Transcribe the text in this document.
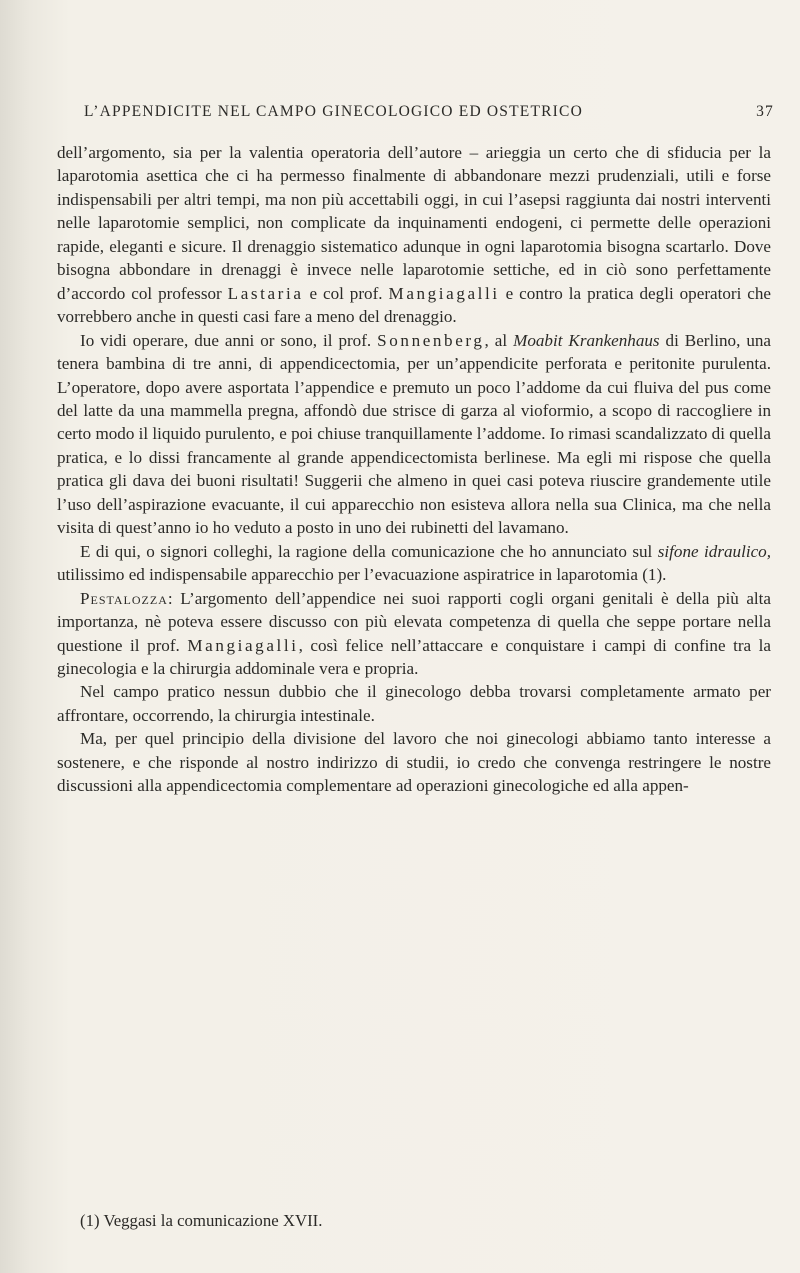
L’APPENDICITE NEL CAMPO GINECOLOGICO ED OSTETRICO	37

dell’argomento, sia per la valentia operatoria dell’autore – arieggia un certo che di sfiducia per la laparotomia asettica che ci ha permesso finalmente di abbandonare mezzi prudenziali, utili e forse indispensabili per altri tempi, ma non più accettabili oggi, in cui l’asepsi raggiunta dai nostri interventi nelle laparotomie semplici, non complicate da inquinamenti endogeni, ci permette delle operazioni rapide, eleganti e sicure. Il drenaggio sistematico adunque in ogni laparotomia bisogna scartarlo. Dove bisogna abbondare in drenaggi è invece nelle laparotomie settiche, ed in ciò sono perfettamente d’accordo col professor Lastaria e col prof. Mangiagalli e contro la pratica degli operatori che vorrebbero anche in questi casi fare a meno del drenaggio.

Io vidi operare, due anni or sono, il prof. Sonnenberg, al Moabit Krankenhaus di Berlino, una tenera bambina di tre anni, di appendicectomia, per un’appendicite perforata e peritonite purulenta. L’operatore, dopo avere asportata l’appendice e premuto un poco l’addome da cui fluiva del pus come del latte da una mammella pregna, affondò due strisce di garza al vioformio, a scopo di raccogliere in certo modo il liquido purulento, e poi chiuse tranquillamente l’addome. Io rimasi scandalizzato di quella pratica, e lo dissi francamente al grande appendicectomista berlinese. Ma egli mi rispose che quella pratica gli dava dei buoni risultati! Suggerii che almeno in quei casi poteva riuscire grandemente utile l’uso dell’aspirazione evacuante, il cui apparecchio non esisteva allora nella sua Clinica, ma che nella visita di quest’anno io ho veduto a posto in uno dei rubinetti del lavamano.

E di qui, o signori colleghi, la ragione della comunicazione che ho annunciato sul sifone idraulico, utilissimo ed indispensabile apparecchio per l’evacuazione aspiratrice in laparotomia (1).

Pestalozza: L’argomento dell’appendice nei suoi rapporti cogli organi genitali è della più alta importanza, nè poteva essere discusso con più elevata competenza di quella che seppe portare nella questione il prof. Mangiagalli, così felice nell’attaccare e conquistare i campi di confine tra la ginecologia e la chirurgia addominale vera e propria.

Nel campo pratico nessun dubbio che il ginecologo debba trovarsi completamente armato per affrontare, occorrendo, la chirurgia intestinale.

Ma, per quel principio della divisione del lavoro che noi ginecologi abbiamo tanto interesse a sostenere, e che risponde al nostro indirizzo di studii, io credo che convenga restringere le nostre discussioni alla appendicectomia complementare ad operazioni ginecologiche ed alla appen-

(1) Veggasi la comunicazione XVII.
